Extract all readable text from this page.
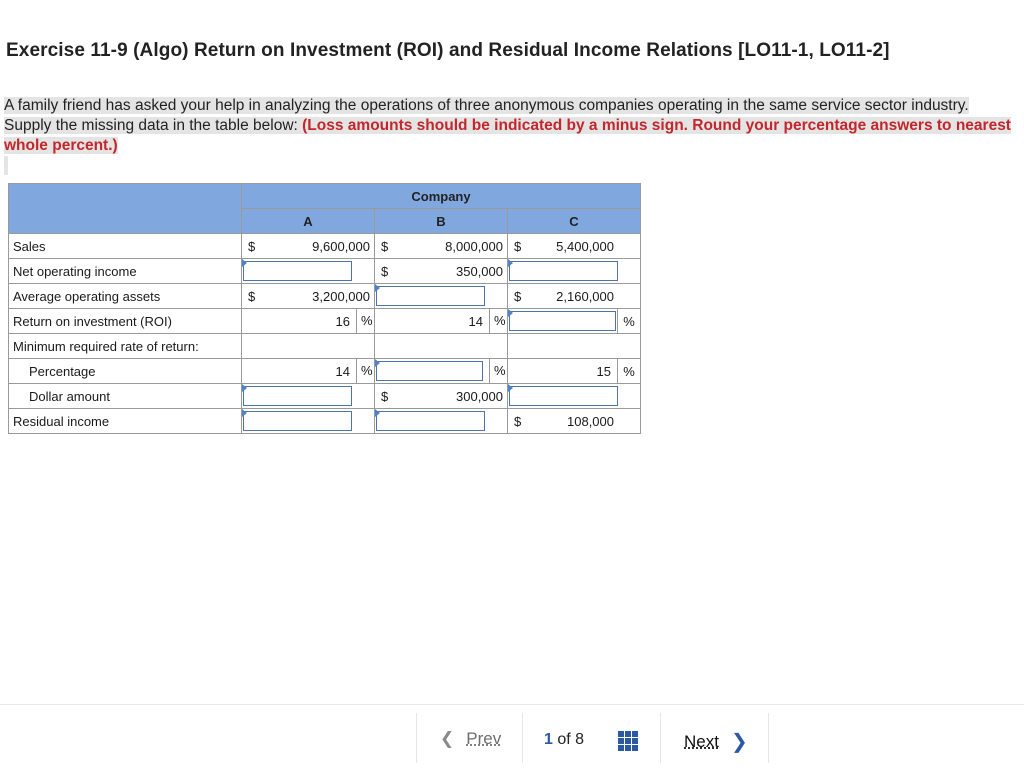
Exercise 11-9 (Algo) Return on Investment (ROI) and Residual Income Relations [LO11-1, LO11-2]
A family friend has asked your help in analyzing the operations of three anonymous companies operating in the same service sector industry. Supply the missing data in the table below: (Loss amounts should be indicated by a minus sign. Round your percentage answers to nearest whole percent.)
	Company			
	A	B	C	
Sales	$ 9,600,000	$ 8,000,000	$ 5,400,000	

Net operating income		$ 350,000		

Average operating assets	$ 3,200,000		$ 2,160,000	

Return on investment (ROI)	16 %	14 %		%
Minimum required rate of return:				
Percentage	14 %	%	15	%
Dollar amount		$ 300,000		

Residual income			$ 108,000	
❮ Prev	1 of 8	Next ❯
